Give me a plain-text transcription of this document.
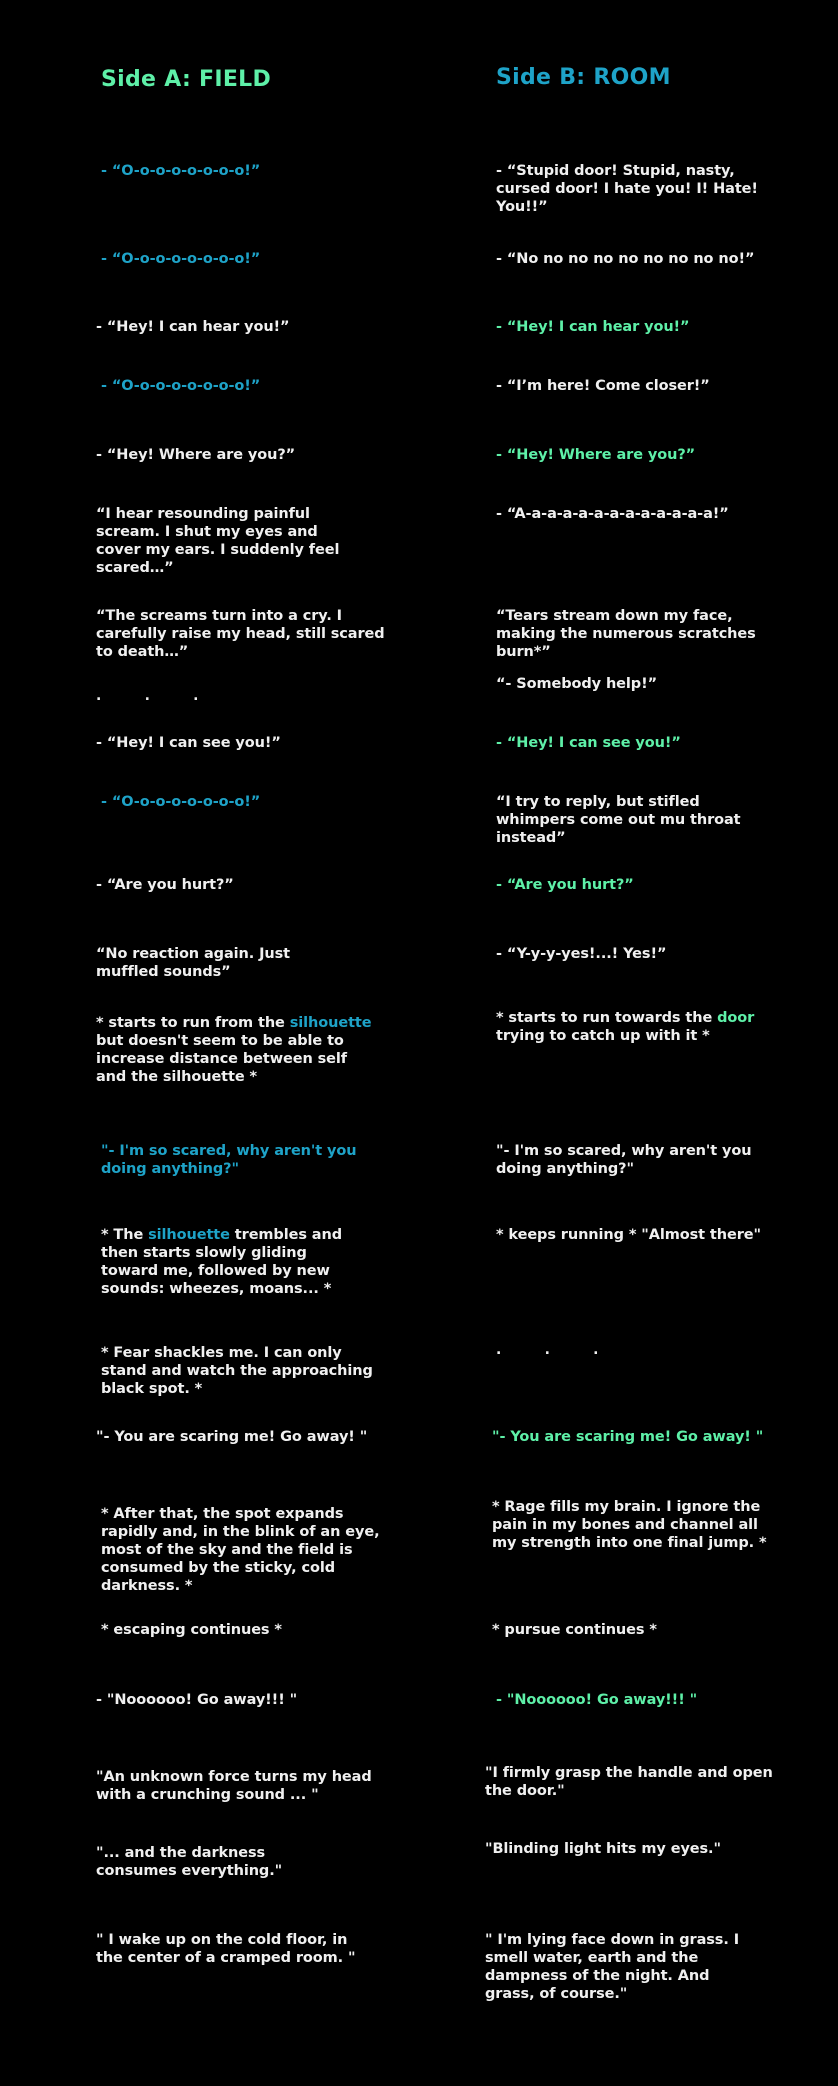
Side A: FIELD	Side B: ROOM

- “O-o-o-o-o-o-o-o!”

- “O-o-o-o-o-o-o-o!”

- “Hey! I can hear you!”

- “O-o-o-o-o-o-o-o!”

- “Hey! Where are you?”

“I hear resounding painful scream. I shut my eyes and cover my ears. I suddenly feel scared…”

“The screams turn into a cry. I carefully raise my head, still scared to death…”

.      .      .

- “Hey! I can see you!”

- “O-o-o-o-o-o-o-o!”

- “Are you hurt?”

“No reaction again. Just muffled sounds”

* starts to run from the silhouette but doesn't seem to be able to increase distance between self and the silhouette *

"- I'm so scared, why aren't you doing anything?"

* The silhouette trembles and then starts slowly gliding toward me, followed by new sounds: wheezes, moans... *

* Fear shackles me. I can only stand and watch the approaching black spot. *

"- You are scaring me! Go away! "

* After that, the spot expands rapidly and, in the blink of an eye, most of the sky and the field is consumed by the sticky, cold darkness. *

* escaping continues *

- "Noooooo! Go away!!! "

"An unknown force turns my head with a crunching sound ... "

"... and the darkness consumes everything."

" I wake up on the cold floor, in the center of a cramped room. "

- “Stupid door! Stupid, nasty, cursed door! I hate you! I! Hate! You!!”

- “No no no no no no no no no!”

- “Hey! I can hear you!”

- “I’m here! Come closer!”

- “Hey! Where are you?”

- “A-a-a-a-a-a-a-a-a-a-a-a-a!”

“Tears stream down my face, making the numerous scratches burn*”

“- Somebody help!”

- “Hey! I can see you!”

“I try to reply, but stifled whimpers come out mu throat instead”

- “Are you hurt?”

- “Y-y-y-yes!...! Yes!”

* starts to run towards the door trying to catch up with it *

"- I'm so scared, why aren't you doing anything?"

* keeps running * "Almost there"

.      .      .

"- You are scaring me! Go away! "

* Rage fills my brain. I ignore the pain in my bones and channel all my strength into one final jump. *

* pursue continues *

- "Noooooo! Go away!!! "

"I firmly grasp the handle and open the door."

"Blinding light hits my eyes."

" I'm lying face down in grass. I smell water, earth and the dampness of the night. And grass, of course."
